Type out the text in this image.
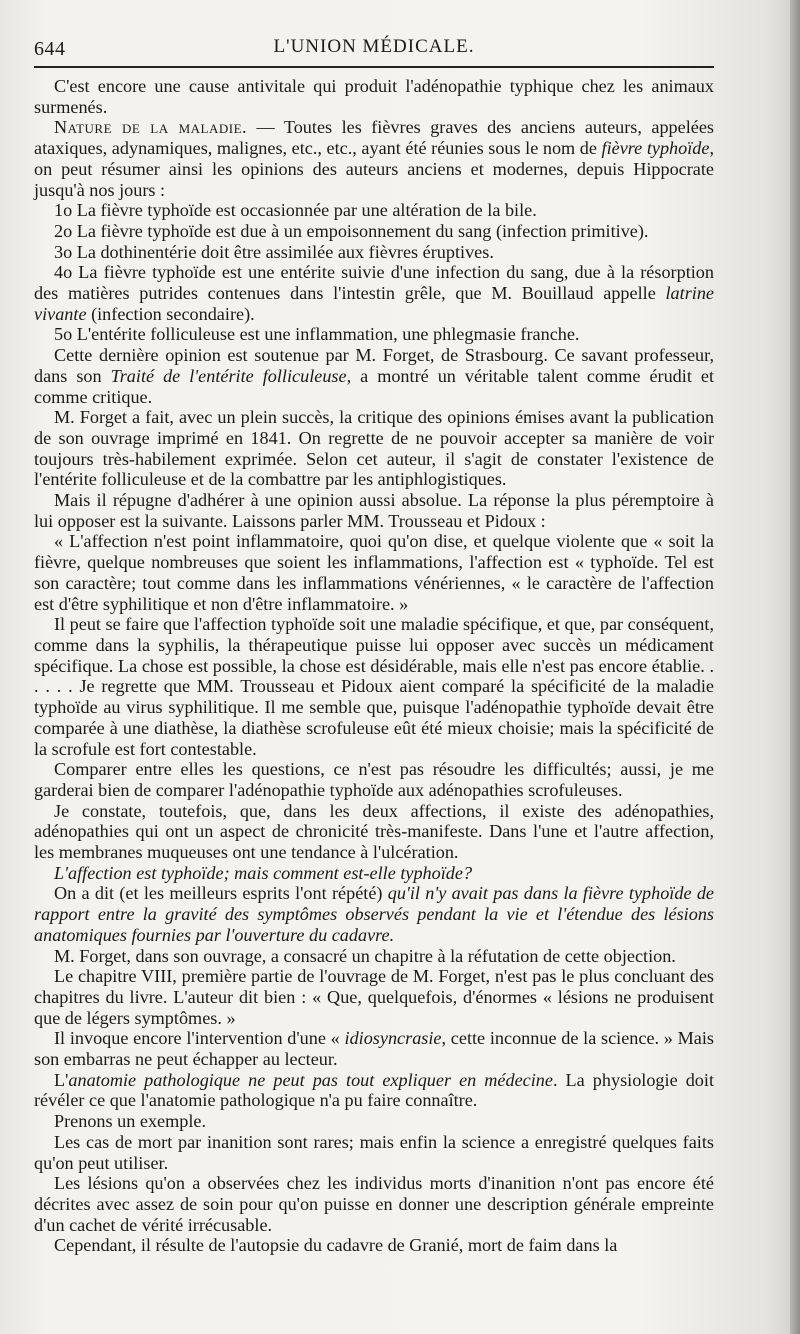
644	L'UNION MÉDICALE.

C'est encore une cause antivitale qui produit l'adénopathie typhique chez les animaux surmenés.

Nature de la maladie. — Toutes les fièvres graves des anciens auteurs, appelées ataxiques, adynamiques, malignes, etc., etc., ayant été réunies sous le nom de fièvre typhoïde, on peut résumer ainsi les opinions des auteurs anciens et modernes, depuis Hippocrate jusqu'à nos jours :

1o La fièvre typhoïde est occasionnée par une altération de la bile.

2o La fièvre typhoïde est due à un empoisonnement du sang (infection primitive).

3o La dothinentérie doit être assimilée aux fièvres éruptives.

4o La fièvre typhoïde est une entérite suivie d'une infection du sang, due à la résorption des matières putrides contenues dans l'intestin grêle, que M. Bouillaud appelle latrine vivante (infection secondaire).

5o L'entérite folliculeuse est une inflammation, une phlegmasie franche.

Cette dernière opinion est soutenue par M. Forget, de Strasbourg. Ce savant professeur, dans son Traité de l'entérite folliculeuse, a montré un véritable talent comme érudit et comme critique.

M. Forget a fait, avec un plein succès, la critique des opinions émises avant la publication de son ouvrage imprimé en 1841. On regrette de ne pouvoir accepter sa manière de voir toujours très-habilement exprimée. Selon cet auteur, il s'agit de constater l'existence de l'entérite folliculeuse et de la combattre par les antiphlogistiques.

Mais il répugne d'adhérer à une opinion aussi absolue. La réponse la plus péremptoire à lui opposer est la suivante. Laissons parler MM. Trousseau et Pidoux :

« L'affection n'est point inflammatoire, quoi qu'on dise, et quelque violente que « soit la fièvre, quelque nombreuses que soient les inflammations, l'affection est « typhoïde. Tel est son caractère; tout comme dans les inflammations vénériennes, « le caractère de l'affection est d'être syphilitique et non d'être inflammatoire. »

Il peut se faire que l'affection typhoïde soit une maladie spécifique, et que, par conséquent, comme dans la syphilis, la thérapeutique puisse lui opposer avec succès un médicament spécifique. La chose est possible, la chose est désidérable, mais elle n'est pas encore établie. . . . . . Je regrette que MM. Trousseau et Pidoux aient comparé la spécificité de la maladie typhoïde au virus syphilitique. Il me semble que, puisque l'adénopathie typhoïde devait être comparée à une diathèse, la diathèse scrofuleuse eût été mieux choisie; mais la spécificité de la scrofule est fort contestable.

Comparer entre elles les questions, ce n'est pas résoudre les difficultés; aussi, je me garderai bien de comparer l'adénopathie typhoïde aux adénopathies scrofuleuses.

Je constate, toutefois, que, dans les deux affections, il existe des adénopathies, adénopathies qui ont un aspect de chronicité très-manifeste. Dans l'une et l'autre affection, les membranes muqueuses ont une tendance à l'ulcération.

L'affection est typhoïde; mais comment est-elle typhoïde?

On a dit (et les meilleurs esprits l'ont répété) qu'il n'y avait pas dans la fièvre typhoïde de rapport entre la gravité des symptômes observés pendant la vie et l'étendue des lésions anatomiques fournies par l'ouverture du cadavre.

M. Forget, dans son ouvrage, a consacré un chapitre à la réfutation de cette objection.

Le chapitre VIII, première partie de l'ouvrage de M. Forget, n'est pas le plus concluant des chapitres du livre. L'auteur dit bien : « Que, quelquefois, d'énormes « lésions ne produisent que de légers symptômes. »

Il invoque encore l'intervention d'une « idiosyncrasie, cette inconnue de la science. » Mais son embarras ne peut échapper au lecteur.

L'anatomie pathologique ne peut pas tout expliquer en médecine. La physiologie doit révéler ce que l'anatomie pathologique n'a pu faire connaître.

Prenons un exemple.

Les cas de mort par inanition sont rares; mais enfin la science a enregistré quelques faits qu'on peut utiliser.

Les lésions qu'on a observées chez les individus morts d'inanition n'ont pas encore été décrites avec assez de soin pour qu'on puisse en donner une description générale empreinte d'un cachet de vérité irrécusable.

Cependant, il résulte de l'autopsie du cadavre de Granié, mort de faim dans la
